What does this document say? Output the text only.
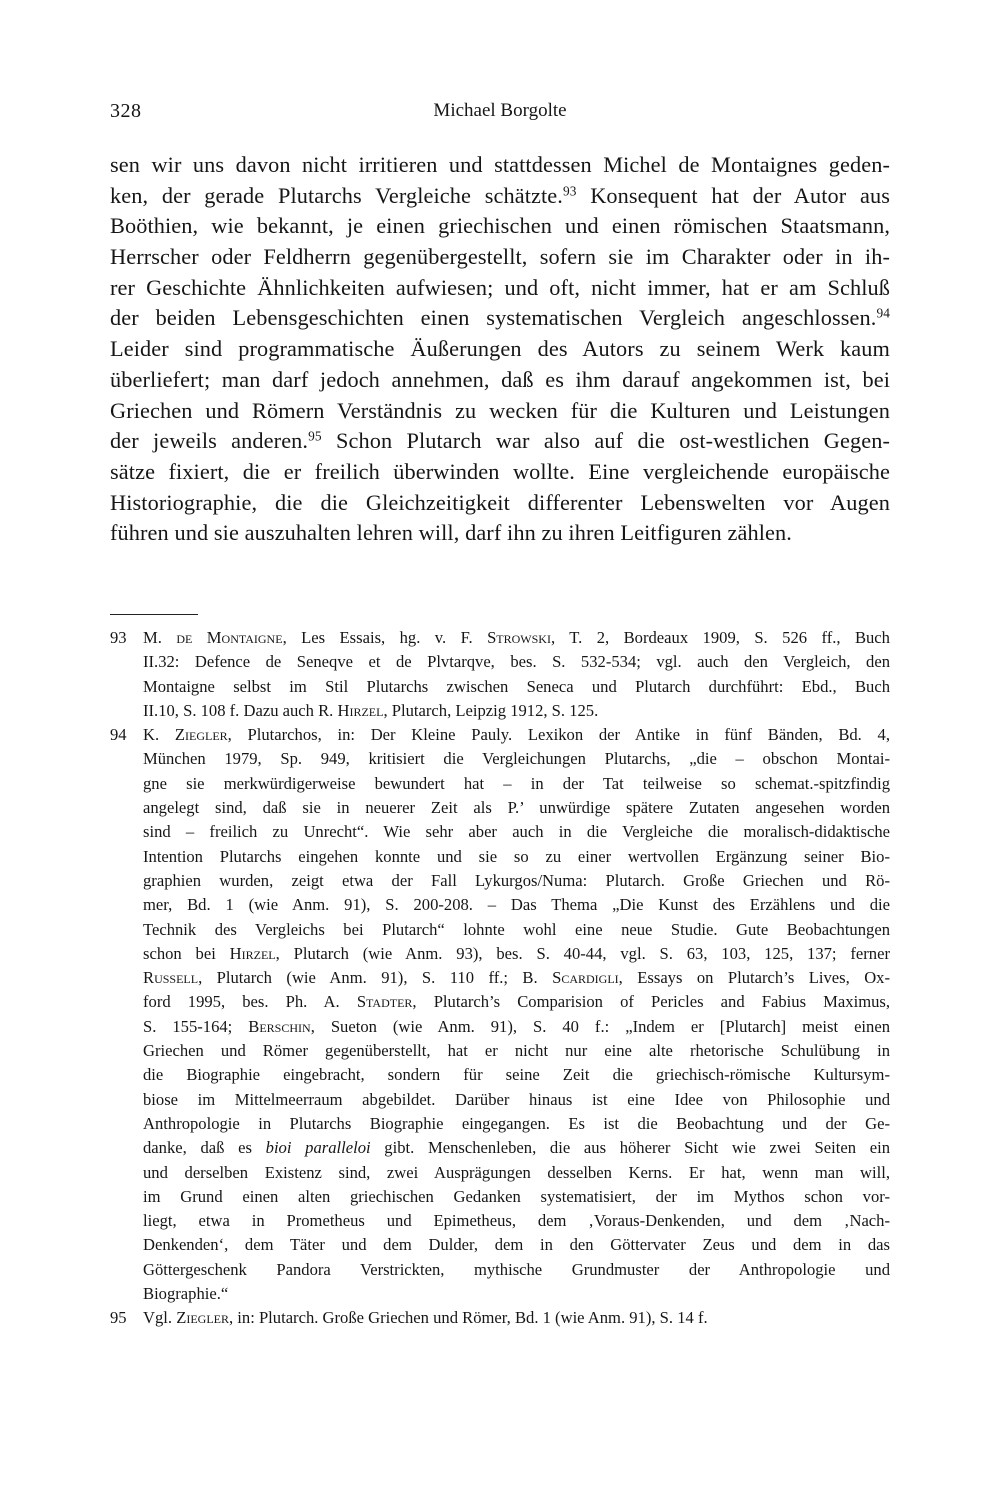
328	Michael Borgolte
sen wir uns davon nicht irritieren und stattdessen Michel de Montaignes geden-
ken, der gerade Plutarchs Vergleiche schätzte.$^{93}$ Konsequent hat der Autor aus
Boöthien, wie bekannt, je einen griechischen und einen römischen Staatsmann,
Herrscher oder Feldherrn gegenübergestellt, sofern sie im Charakter oder in ih-
rer Geschichte Ähnlichkeiten aufwiesen; und oft, nicht immer, hat er am Schluß
der beiden Lebensgeschichten einen systematischen Vergleich angeschlossen.$^{94}$
Leider sind programmatische Äußerungen des Autors zu seinem Werk kaum
überliefert; man darf jedoch annehmen, daß es ihm darauf angekommen ist, bei
Griechen und Römern Verständnis zu wecken für die Kulturen und Leistungen
der jeweils anderen.$^{95}$ Schon Plutarch war also auf die ost-westlichen Gegen-
sätze fixiert, die er freilich überwinden wollte. Eine vergleichende europäische
Historiographie, die die Gleichzeitigkeit differenter Lebenswelten vor Augen
führen und sie auszuhalten lehren will, darf ihn zu ihren Leitfiguren zählen.
93 M. de Montaigne, Les Essais, hg. v. F. Strowski, T. 2, Bordeaux 1909, S. 526 ff., Buch
II.32: Defence de Seneqve et de Plvtarqve, bes. S. 532-534; vgl. auch den Vergleich, den
Montaigne selbst im Stil Plutarchs zwischen Seneca und Plutarch durchführt: Ebd., Buch
II.10, S. 108 f. Dazu auch R. Hirzel, Plutarch, Leipzig 1912, S. 125.
94 K. Ziegler, Plutarchos, in: Der Kleine Pauly. Lexikon der Antike in fünf Bänden, Bd. 4,
München 1979, Sp. 949, kritisiert die Vergleichungen Plutarchs, „die – obschon Montai-
gne sie merkwürdigerweise bewundert hat – in der Tat teilweise so schemat.-spitzfindig
angelegt sind, daß sie in neuerer Zeit als P.’ unwürdige spätere Zutaten angesehen worden
sind – freilich zu Unrecht“. Wie sehr aber auch in die Vergleiche die moralisch-didaktische
Intention Plutarchs eingehen konnte und sie so zu einer wertvollen Ergänzung seiner Bio-
graphien wurden, zeigt etwa der Fall Lykurgos/Numa: Plutarch. Große Griechen und Rö-
mer, Bd. 1 (wie Anm. 91), S. 200-208. – Das Thema „Die Kunst des Erzählens und die
Technik des Vergleichs bei Plutarch“ lohnte wohl eine neue Studie. Gute Beobachtungen
schon bei Hirzel, Plutarch (wie Anm. 93), bes. S. 40-44, vgl. S. 63, 103, 125, 137; ferner
Russell, Plutarch (wie Anm. 91), S. 110 ff.; B. Scardigli, Essays on Plutarch’s Lives, Ox-
ford 1995, bes. Ph. A. Stadter, Plutarch’s Comparision of Pericles and Fabius Maximus,
S. 155-164; Berschin, Sueton (wie Anm. 91), S. 40 f.: „Indem er [Plutarch] meist einen
Griechen und Römer gegenüberstellt, hat er nicht nur eine alte rhetorische Schulübung in
die Biographie eingebracht, sondern für seine Zeit die griechisch-römische Kultursym-
biose im Mittelmeerraum abgebildet. Darüber hinaus ist eine Idee von Philosophie und
Anthropologie in Plutarchs Biographie eingegangen. Es ist die Beobachtung und der Ge-
danke, daß es bioi paralleloi gibt. Menschenleben, die aus höherer Sicht wie zwei Seiten ein
und derselben Existenz sind, zwei Ausprägungen desselben Kerns. Er hat, wenn man will,
im Grund einen alten griechischen Gedanken systematisiert, der im Mythos schon vor-
liegt, etwa in Prometheus und Epimetheus, dem ‚Voraus-Denkenden, und dem ‚Nach-
Denkenden‘, dem Täter und dem Dulder, dem in den Göttervater Zeus und dem in das
Göttergeschenk Pandora Verstrickten, mythische Grundmuster der Anthropologie und
Biographie.“
95 Vgl. Ziegler, in: Plutarch. Große Griechen und Römer, Bd. 1 (wie Anm. 91), S. 14 f.
